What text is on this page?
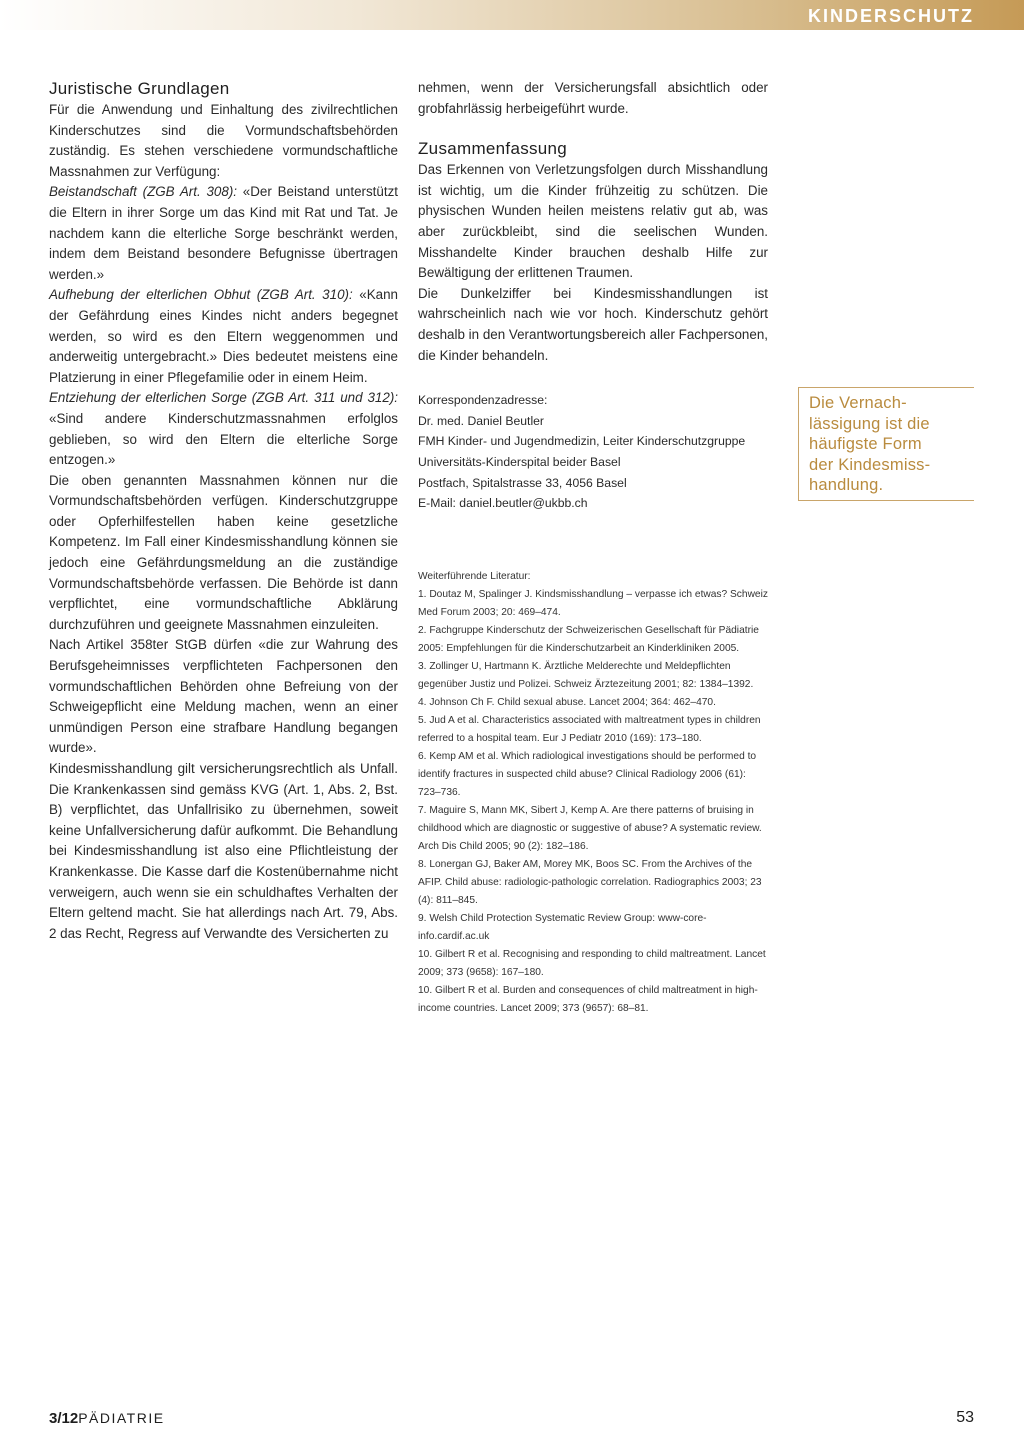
KINDERSCHUTZ
Juristische Grundlagen

Für die Anwendung und Einhaltung des zivilrechtlichen Kinderschutzes sind die Vormundschaftsbehörden zuständig. Es stehen verschiedene vormundschaftliche Massnahmen zur Verfügung:

Beistandschaft (ZGB Art. 308): «Der Beistand unterstützt die Eltern in ihrer Sorge um das Kind mit Rat und Tat. Je nachdem kann die elterliche Sorge beschränkt werden, indem dem Beistand besondere Befugnisse übertragen werden.»

Aufhebung der elterlichen Obhut (ZGB Art. 310): «Kann der Gefährdung eines Kindes nicht anders begegnet werden, so wird es den Eltern weggenommen und anderweitig untergebracht.» Dies bedeutet meistens eine Platzierung in einer Pflegefamilie oder in einem Heim.

Entziehung der elterlichen Sorge (ZGB Art. 311 und 312): «Sind andere Kinderschutzmassnahmen erfolglos geblieben, so wird den Eltern die elterliche Sorge entzogen.»

Die oben genannten Massnahmen können nur die Vormundschaftsbehörden verfügen. Kinderschutzgruppe oder Opferhilfestellen haben keine gesetzliche Kompetenz. Im Fall einer Kindesmisshandlung können sie jedoch eine Gefährdungsmeldung an die zuständige Vormundschaftsbehörde verfassen. Die Behörde ist dann verpflichtet, eine vormundschaftliche Abklärung durchzuführen und geeignete Massnahmen einzuleiten.

Nach Artikel 358ter StGB dürfen «die zur Wahrung des Berufsgeheimnisses verpflichteten Fachpersonen den vormundschaftlichen Behörden ohne Befreiung von der Schweigepflicht eine Meldung machen, wenn an einer unmündigen Person eine strafbare Handlung begangen wurde».

Kindesmisshandlung gilt versicherungsrechtlich als Unfall. Die Krankenkassen sind gemäss KVG (Art. 1, Abs. 2, Bst. B) verpflichtet, das Unfallrisiko zu übernehmen, soweit keine Unfallversicherung dafür aufkommt. Die Behandlung bei Kindesmisshandlung ist also eine Pflichtleistung der Krankenkasse. Die Kasse darf die Kostenübernahme nicht verweigern, auch wenn sie ein schuldhaftes Verhalten der Eltern geltend macht. Sie hat allerdings nach Art. 79, Abs. 2 das Recht, Regress auf Verwandte des Versicherten zu

nehmen, wenn der Versicherungsfall absichtlich oder grobfahrlässig herbeigeführt wurde.

Zusammenfassung

Das Erkennen von Verletzungsfolgen durch Misshandlung ist wichtig, um die Kinder frühzeitig zu schützen. Die physischen Wunden heilen meistens relativ gut ab, was aber zurückbleibt, sind die seelischen Wunden. Misshandelte Kinder brauchen deshalb Hilfe zur Bewältigung der erlittenen Traumen.

Die Dunkelziffer bei Kindesmisshandlungen ist wahrscheinlich nach wie vor hoch. Kinderschutz gehört deshalb in den Verantwortungsbereich aller Fachpersonen, die Kinder behandeln.

Korrespondenzadresse:
Dr. med. Daniel Beutler
FMH Kinder- und Jugendmedizin, Leiter Kinderschutzgruppe
Universitäts-Kinderspital beider Basel
Postfach, Spitalstrasse 33, 4056 Basel
E-Mail: daniel.beutler@ukbb.ch
Weiterführende Literatur:
1. Doutaz M, Spalinger J. Kindsmisshandlung – verpasse ich etwas? Schweiz Med Forum 2003; 20: 469–474.
2. Fachgruppe Kinderschutz der Schweizerischen Gesellschaft für Pädiatrie 2005: Empfehlungen für die Kinderschutzarbeit an Kinderkliniken 2005.
3. Zollinger U, Hartmann K. Ärztliche Melderechte und Meldepflichten gegenüber Justiz und Polizei. Schweiz Ärztezeitung 2001; 82: 1384–1392.
4. Johnson Ch F. Child sexual abuse. Lancet 2004; 364: 462–470.
5. Jud A et al. Characteristics associated with maltreatment types in children referred to a hospital team. Eur J Pediatr 2010 (169): 173–180.
6. Kemp AM et al. Which radiological investigations should be performed to identify fractures in suspected child abuse? Clinical Radiology 2006 (61): 723–736.
7. Maguire S, Mann MK, Sibert J, Kemp A. Are there patterns of bruising in childhood which are diagnostic or suggestive of abuse? A systematic review. Arch Dis Child 2005; 90 (2): 182–186.
8. Lonergan GJ, Baker AM, Morey MK, Boos SC. From the Archives of the AFIP. Child abuse: radiologic-pathologic correlation. Radiographics 2003; 23 (4): 811–845.
9. Welsh Child Protection Systematic Review Group: www-core-info.cardif.ac.uk
10. Gilbert R et al. Recognising and responding to child maltreatment. Lancet 2009; 373 (9658): 167–180.
10. Gilbert R et al. Burden and consequences of child maltreatment in high-income countries. Lancet 2009; 373 (9657): 68–81.
Die Vernach-
lässigung ist die
häufigste Form
der Kindesmiss-
handlung.
3/12PÄDIATRIE	53
